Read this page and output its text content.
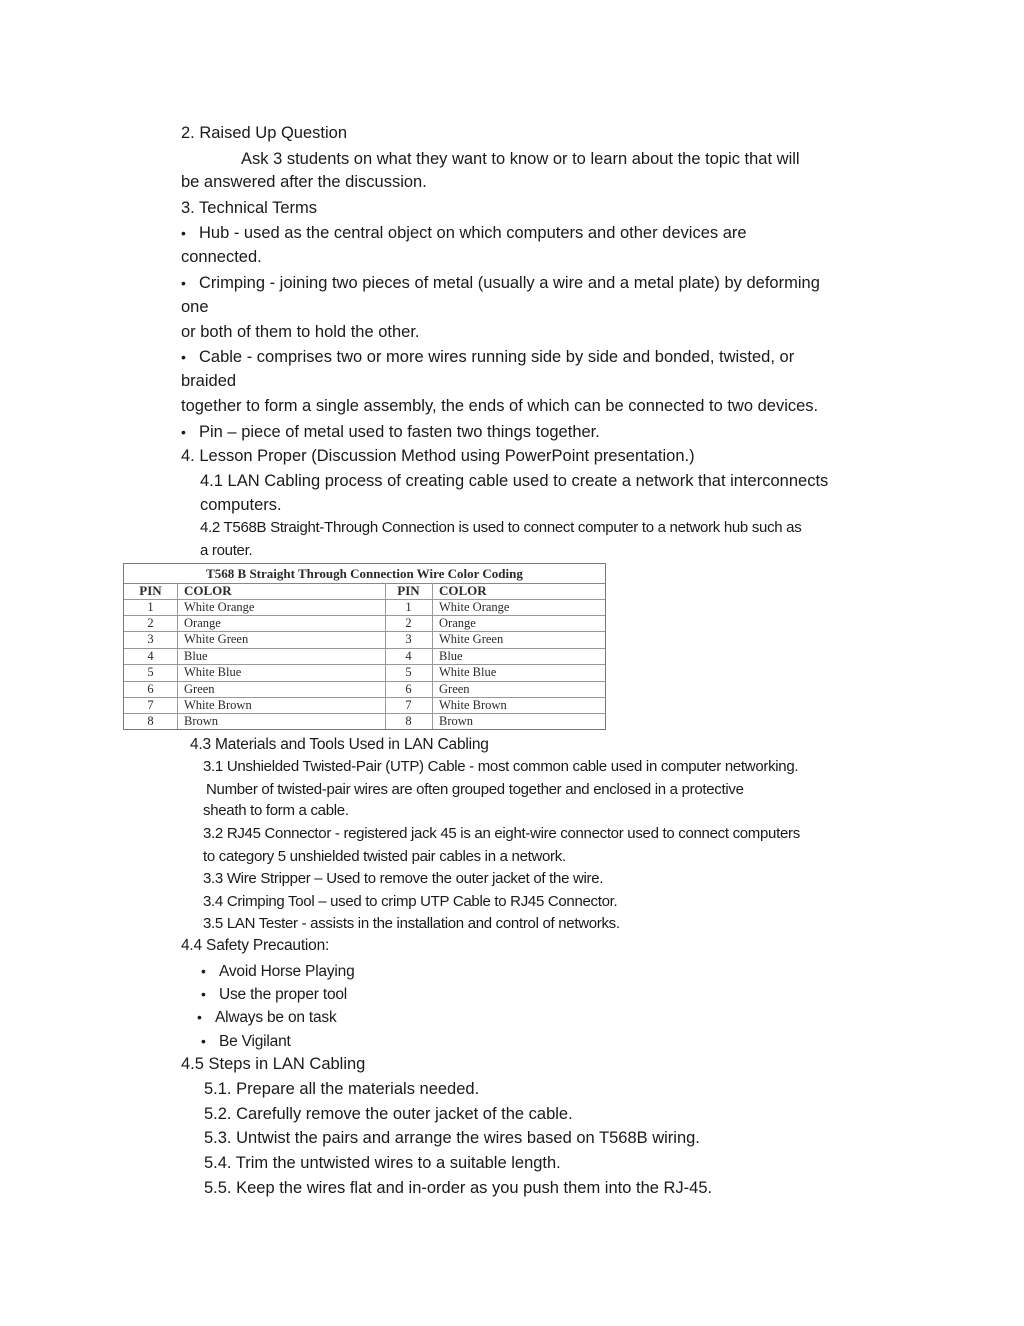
2. Raised Up Question
Ask 3 students on what they want to know or to learn about the topic that will
be answered after the discussion.
3. Technical Terms
• Hub - used as the central object on which computers and other devices are
connected.
• Crimping - joining two pieces of metal (usually a wire and a metal plate) by deforming
one
or both of them to hold the other.
• Cable - comprises two or more wires running side by side and bonded, twisted, or
braided
together to form a single assembly, the ends of which can be connected to two devices.
• Pin – piece of metal used to fasten two things together.
4. Lesson Proper (Discussion Method using PowerPoint presentation.)
4.1 LAN Cabling process of creating cable used to create a network that interconnects
computers.
4.2 T568B Straight-Through Connection is used to connect computer to a network hub such as
a router.
T568 B Straight Through Connection Wire Color Coding
PIN	COLOR	PIN	COLOR
1	White Orange	1	White Orange
2	Orange	2	Orange
3	White Green	3	White Green
4	Blue	4	Blue
5	White Blue	5	White Blue
6	Green	6	Green
7	White Brown	7	White Brown
8	Brown	8	Brown
4.3 Materials and Tools Used in LAN Cabling
3.1 Unshielded Twisted-Pair (UTP) Cable - most common cable used in computer networking.
Number of twisted-pair wires are often grouped together and enclosed in a protective
sheath to form a cable.
3.2 RJ45 Connector - registered jack 45 is an eight-wire connector used to connect computers
to category 5 unshielded twisted pair cables in a network.
3.3 Wire Stripper – Used to remove the outer jacket of the wire.
3.4 Crimping Tool – used to crimp UTP Cable to RJ45 Connector.
3.5 LAN Tester - assists in the installation and control of networks.
4.4 Safety Precaution:
• Avoid Horse Playing
• Use the proper tool
• Always be on task
• Be Vigilant
4.5 Steps in LAN Cabling
5.1. Prepare all the materials needed.
5.2. Carefully remove the outer jacket of the cable.
5.3. Untwist the pairs and arrange the wires based on T568B wiring.
5.4. Trim the untwisted wires to a suitable length.
5.5. Keep the wires flat and in-order as you push them into the RJ-45.
